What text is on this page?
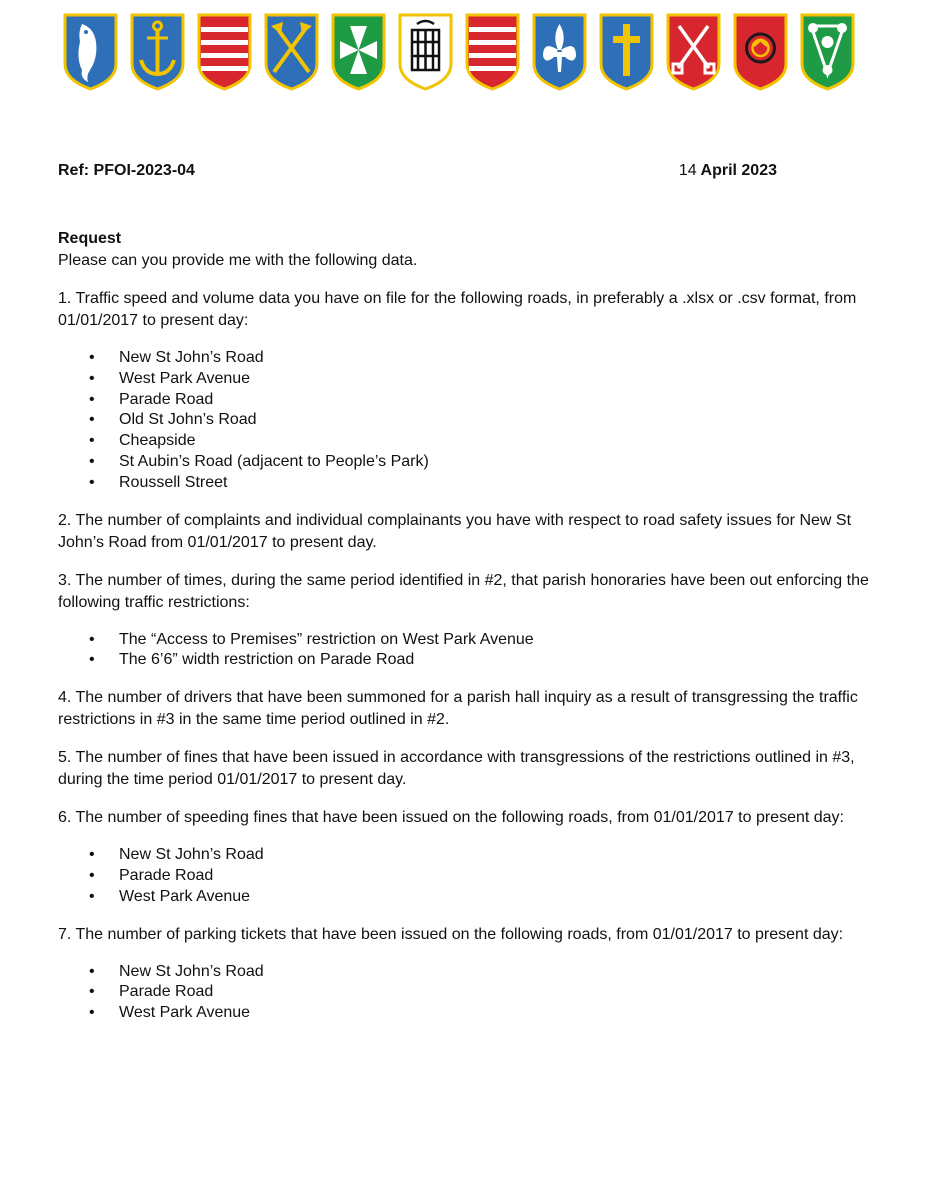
Ref: PFOI-2023-04	14 April 2023
Request

Please can you provide me with the following data.

1. Traffic speed and volume data you have on file for the following roads, in preferably a .xlsx or .csv format, from 01/01/2017 to present day:

• New St John’s Road
• West Park Avenue
• Parade Road
• Old St John’s Road
• Cheapside
• St Aubin’s Road (adjacent to People’s Park)
• Roussell Street

2. The number of complaints and individual complainants you have with respect to road safety issues for New St John’s Road from 01/01/2017 to present day.

3. The number of times, during the same period identified in #2, that parish honoraries have been out enforcing the following traffic restrictions:

• The “Access to Premises” restriction on West Park Avenue
• The 6’6” width restriction on Parade Road

4. The number of drivers that have been summoned for a parish hall inquiry as a result of transgressing the traffic restrictions in #3 in the same time period outlined in #2.

5. The number of fines that have been issued in accordance with transgressions of the restrictions outlined in #3, during the time period 01/01/2017 to present day.

6. The number of speeding fines that have been issued on the following roads, from 01/01/2017 to present day:

• New St John’s Road
• Parade Road
• West Park Avenue

7. The number of parking tickets that have been issued on the following roads, from 01/01/2017 to present day:

• New St John’s Road
• Parade Road
• West Park Avenue
